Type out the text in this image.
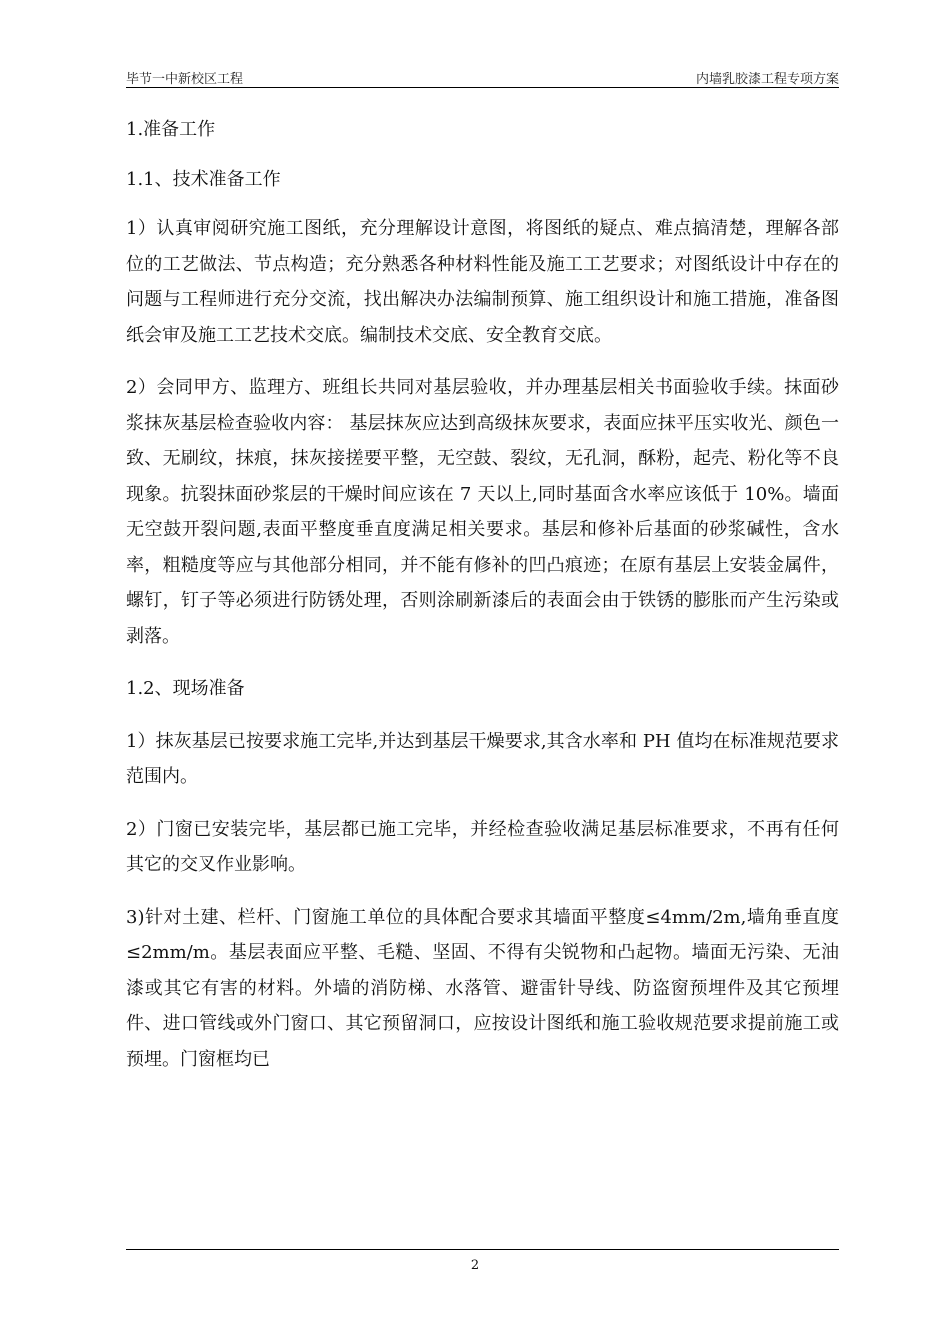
毕节一中新校区工程	内墙乳胶漆工程专项方案
1.准备工作
1.1、技术准备工作
1）认真审阅研究施工图纸，充分理解设计意图，将图纸的疑点、难点搞清楚，理解各部位的工艺做法、节点构造；充分熟悉各种材料性能及施工工艺要求；对图纸设计中存在的问题与工程师进行充分交流，找出解决办法编制预算、施工组织设计和施工措施，准备图纸会审及施工工艺技术交底。编制技术交底、安全教育交底。
2）会同甲方、监理方、班组长共同对基层验收，并办理基层相关书面验收手续。抹面砂浆抹灰基层检查验收内容： 基层抹灰应达到高级抹灰要求，表面应抹平压实收光、颜色一致、无刷纹，抹痕，抹灰接搓要平整，无空鼓、裂纹，无孔洞，酥粉，起壳、粉化等不良现象。抗裂抹面砂浆层的干燥时间应该在 7 天以上,同时基面含水率应该低于 10%。墙面无空鼓开裂问题,表面平整度垂直度满足相关要求。基层和修补后基面的砂浆碱性，含水率，粗糙度等应与其他部分相同，并不能有修补的凹凸痕迹；在原有基层上安装金属件，螺钉，钉子等必须进行防锈处理，否则涂刷新漆后的表面会由于铁锈的膨胀而产生污染或剥落。
1.2、现场准备
1）抹灰基层已按要求施工完毕,并达到基层干燥要求,其含水率和 PH 值均在标准规范要求范围内。
2）门窗已安装完毕，基层都已施工完毕，并经检查验收满足基层标准要求，不再有任何其它的交叉作业影响。
3)针对土建、栏杆、门窗施工单位的具体配合要求其墙面平整度≤4mm/2m,墙角垂直度≤2mm/m。基层表面应平整、毛糙、坚固、不得有尖锐物和凸起物。墙面无污染、无油漆或其它有害的材料。外墙的消防梯、水落管、避雷针导线、防盗窗预埋件及其它预埋件、进口管线或外门窗口、其它预留洞口，应按设计图纸和施工验收规范要求提前施工或预埋。门窗框均已
2
